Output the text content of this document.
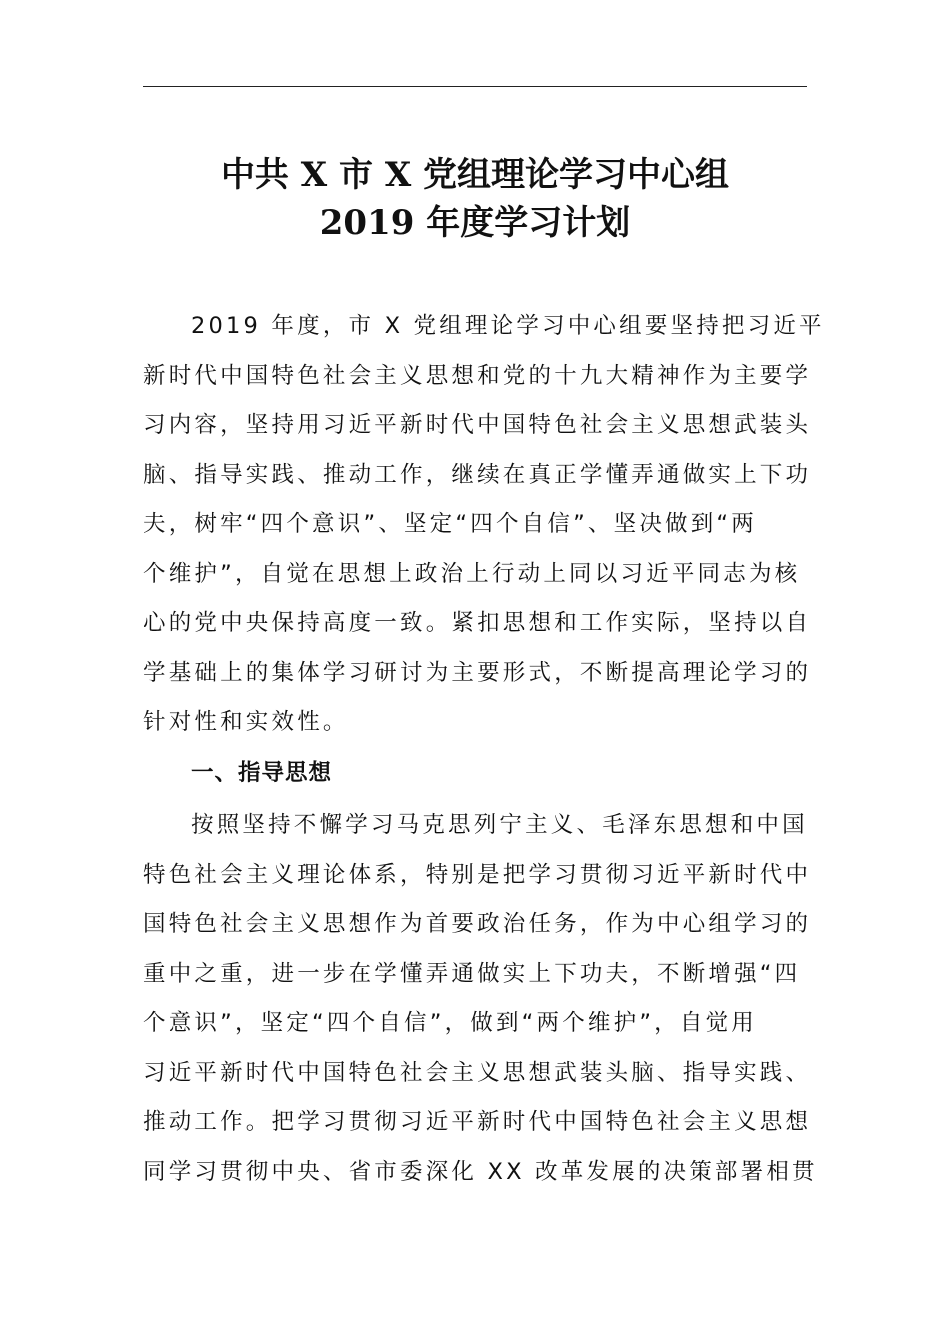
中共 X 市 X 党组理论学习中心组
2019 年度学习计划
2019 年度，市 X 党组理论学习中心组要坚持把习近平
新时代中国特色社会主义思想和党的十九大精神作为主要学
习内容，坚持用习近平新时代中国特色社会主义思想武装头
脑、指导实践、推动工作，继续在真正学懂弄通做实上下功
夫，树牢“四个意识”、坚定“四个自信”、坚决做到“两
个维护”，自觉在思想上政治上行动上同以习近平同志为核
心的党中央保持高度一致。紧扣思想和工作实际，坚持以自
学基础上的集体学习研讨为主要形式，不断提高理论学习的
针对性和实效性。
一、指导思想
按照坚持不懈学习马克思列宁主义、毛泽东思想和中国
特色社会主义理论体系，特别是把学习贯彻习近平新时代中
国特色社会主义思想作为首要政治任务，作为中心组学习的
重中之重，进一步在学懂弄通做实上下功夫，不断增强“四
个意识”，坚定“四个自信”，做到“两个维护”，自觉用
习近平新时代中国特色社会主义思想武装头脑、指导实践、
推动工作。把学习贯彻习近平新时代中国特色社会主义思想
同学习贯彻中央、省市委深化 XX 改革发展的决策部署相贯
